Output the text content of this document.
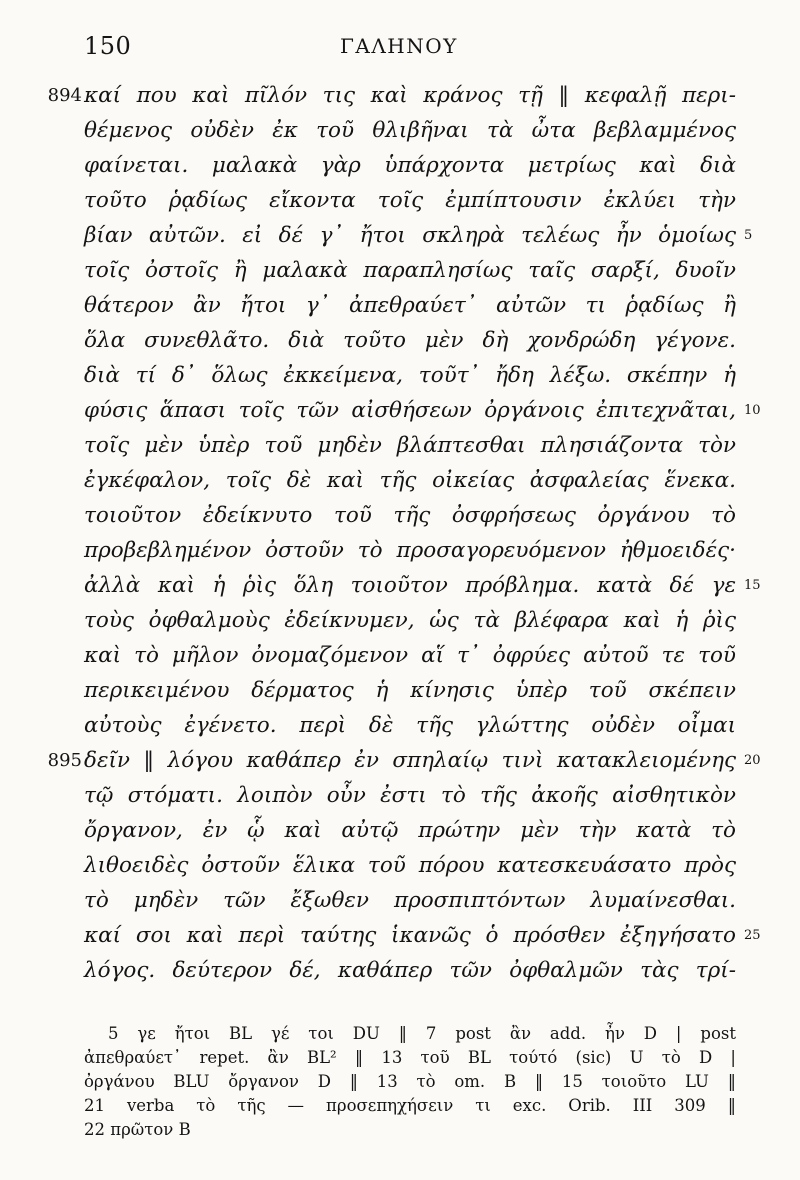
150	ΓΑΛΗΝΟΥ
894 καί που καὶ πῖλόν τις καὶ κράνος τῇ ‖ κεφαλῇ περι-
θέμενος οὐδὲν ἐκ τοῦ θλιβῆναι τὰ ὦτα βεβλαμμένος
φαίνεται. μαλακὰ γὰρ ὑπάρχοντα μετρίως καὶ διὰ
τοῦτο ῥᾳδίως εἴκοντα τοῖς ἐμπίπτουσιν ἐκλύει τὴν
βίαν αὐτῶν. εἰ δέ γ᾽ ἤτοι σκληρὰ τελέως ἦν ὁμοίως 5
τοῖς ὀστοῖς ἢ μαλακὰ παραπλησίως ταῖς σαρξί, δυοῖν
θάτερον ἂν ἤτοι γ᾽ ἀπεθραύετ᾽ αὐτῶν τι ῥᾳδίως ἢ
ὅλα συνεθλᾶτο. διὰ τοῦτο μὲν δὴ χονδρώδη γέγονε.
διὰ τί δ᾽ ὅλως ἐκκείμενα, τοῦτ᾽ ἤδη λέξω. σκέπην ἡ
φύσις ἅπασι τοῖς τῶν αἰσθήσεων ὀργάνοις ἐπιτεχνᾶται, 10
τοῖς μὲν ὑπὲρ τοῦ μηδὲν βλάπτεσθαι πλησιάζοντα τὸν
ἐγκέφαλον, τοῖς δὲ καὶ τῆς οἰκείας ἀσφαλείας ἕνεκα.
τοιοῦτον ἐδείκνυτο τοῦ τῆς ὀσφρήσεως ὀργάνου τὸ
προβεβλημένον ὀστοῦν τὸ προσαγορευόμενον ἠθμοειδές·
ἀλλὰ καὶ ἡ ῥὶς ὅλη τοιοῦτον πρόβλημα. κατὰ δέ γε 15
τοὺς ὀφθαλμοὺς ἐδείκνυμεν, ὡς τὰ βλέφαρα καὶ ἡ ῥὶς
καὶ τὸ μῆλον ὀνομαζόμενον αἵ τ᾽ ὀφρύες αὐτοῦ τε τοῦ
περικειμένου δέρματος ἡ κίνησις ὑπὲρ τοῦ σκέπειν
αὐτοὺς ἐγένετο. περὶ δὲ τῆς γλώττης οὐδὲν οἶμαι
895 δεῖν ‖ λόγου καθάπερ ἐν σπηλαίῳ τινὶ κατακλειομένης 20
τῷ στόματι. λοιπὸν οὖν ἐστι τὸ τῆς ἀκοῆς αἰσθητικὸν
ὄργανον, ἐν ᾧ καὶ αὐτῷ πρώτην μὲν τὴν κατὰ τὸ
λιθοειδὲς ὀστοῦν ἕλικα τοῦ πόρου κατεσκευάσατο πρὸς
τὸ μηδὲν τῶν ἔξωθεν προσπιπτόντων λυμαίνεσθαι.
καί σοι καὶ περὶ ταύτης ἱκανῶς ὁ πρόσθεν ἐξηγήσατο 25
λόγος. δεύτερον δέ, καθάπερ τῶν ὀφθαλμῶν τὰς τρί-
5 γε ἤτοι BL γέ τοι DU ‖ 7 post ἂν add. ἦν D | post
ἀπεθραύετ᾽ repet. ἂν BL² ‖ 13 τοῦ BL τούτό (sic) U τὸ D |
ὀργάνου BLU ὄργανον D ‖ 13 τὸ om. B ‖ 15 τοιοῦτο LU ‖
21 verba τὸ τῆς — προσεπηχήσειν τι exc. Orib. III 309 ‖
22 πρῶτον B
